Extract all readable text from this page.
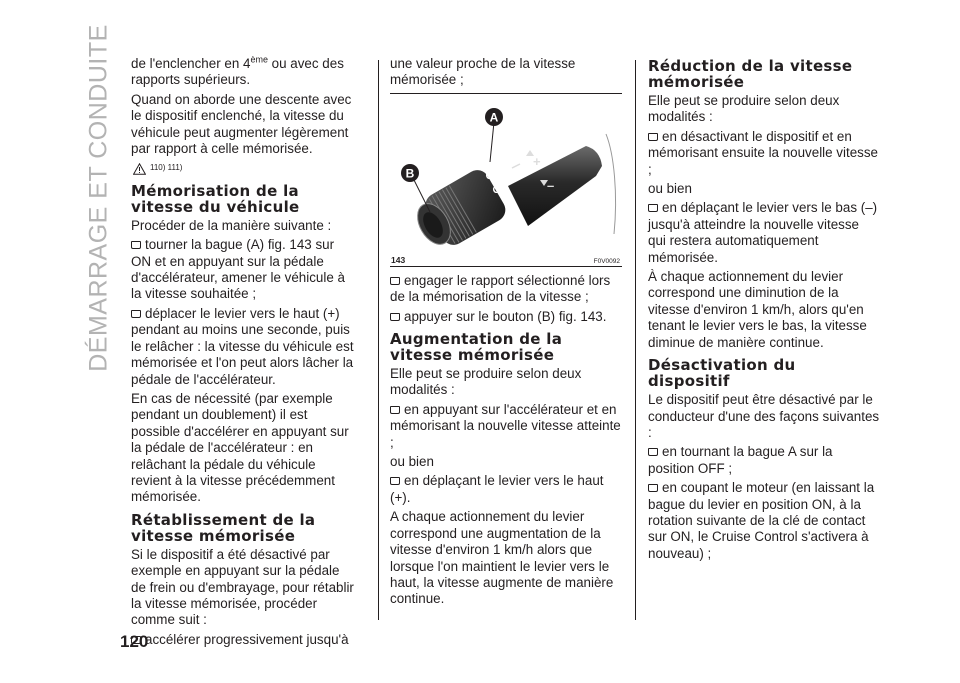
DÉMARRAGE ET CONDUITE de l'enclencher en 4ème ou avec des rapports supérieurs.

Quand on aborde une descente avec le dispositif enclenché, la vitesse du véhicule peut augmenter légèrement par rapport à celle mémorisée.

110) 111)
Mémorisation de la vitesse du véhicule

Procéder de la manière suivante :

tourner la bague (A) fig. 143 sur ON et en appuyant sur la pédale d'accélérateur, amener le véhicule à la vitesse souhaitée ;

déplacer le levier vers le haut (+) pendant au moins une seconde, puis le relâcher : la vitesse du véhicule est mémorisée et l'on peut alors lâcher la pédale de l'accélérateur.

En cas de nécessité (par exemple pendant un doublement) il est possible d'accélérer en appuyant sur la pédale de l'accélérateur : en relâchant la pédale du véhicule revient à la vitesse précédemment mémorisée.

Rétablissement de la vitesse mémorisée

Si le dispositif a été désactivé par exemple en appuyant sur la pédale de frein ou d'embrayage, pour rétablir la vitesse mémorisée, procéder comme suit :

accélérer progressivement jusqu'à

une valeur proche de la vitesse mémorisée ;

OFF
ON
+
–
A
B
143	F0V0092

engager le rapport sélectionné lors de la mémorisation de la vitesse ;

appuyer sur le bouton (B) fig. 143.

Augmentation de la vitesse mémorisée

Elle peut se produire selon deux modalités :

en appuyant sur l'accélérateur et en mémorisant la nouvelle vitesse atteinte ;

ou bien

en déplaçant le levier vers le haut (+).

A chaque actionnement du levier correspond une augmentation de la vitesse d'environ 1 km/h alors que lorsque l'on maintient le levier vers le haut, la vitesse augmente de manière continue.

Réduction de la vitesse mémorisée

Elle peut se produire selon deux modalités :

en désactivant le dispositif et en mémorisant ensuite la nouvelle vitesse ;

ou bien

en déplaçant le levier vers le bas (–) jusqu'à atteindre la nouvelle vitesse qui restera automatiquement mémorisée.

À chaque actionnement du levier correspond une diminution de la vitesse d'environ 1 km/h, alors qu'en tenant le levier vers le bas, la vitesse diminue de manière continue.

Désactivation du dispositif

Le dispositif peut être désactivé par le conducteur d'une des façons suivantes :

en tournant la bague A sur la position OFF ;

en coupant le moteur (en laissant la bague du levier en position ON, à la rotation suivante de la clé de contact sur ON, le Cruise Control s'activera à nouveau) ;

120
